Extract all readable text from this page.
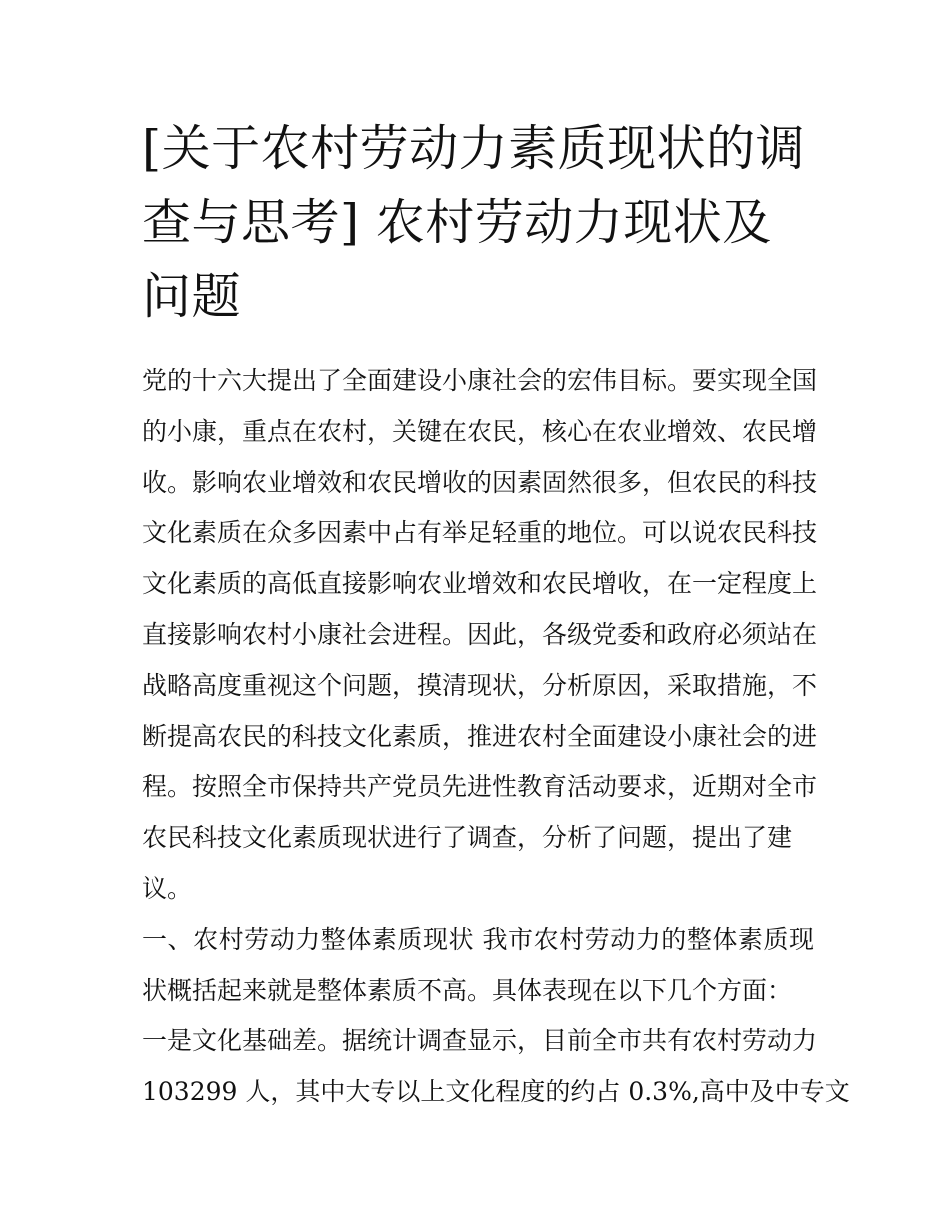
[关于农村劳动力素质现状的调
查与思考] 农村劳动力现状及
问题
党的十六大提出了全面建设小康社会的宏伟目标。要实现全国
的小康，重点在农村，关键在农民，核心在农业增效、农民增
收。影响农业增效和农民增收的因素固然很多，但农民的科技
文化素质在众多因素中占有举足轻重的地位。可以说农民科技
文化素质的高低直接影响农业增效和农民增收，在一定程度上
直接影响农村小康社会进程。因此，各级党委和政府必须站在
战略高度重视这个问题，摸清现状，分析原因，采取措施，不
断提高农民的科技文化素质，推进农村全面建设小康社会的进
程。按照全市保持共产党员先进性教育活动要求，近期对全市
农民科技文化素质现状进行了调查，分析了问题，提出了建
议。
一、农村劳动力整体素质现状 我市农村劳动力的整体素质现
状概括起来就是整体素质不高。具体表现在以下几个方面：
一是文化基础差。据统计调查显示，目前全市共有农村劳动力
103299 人，其中大专以上文化程度的约占 0.3%,高中及中专文
